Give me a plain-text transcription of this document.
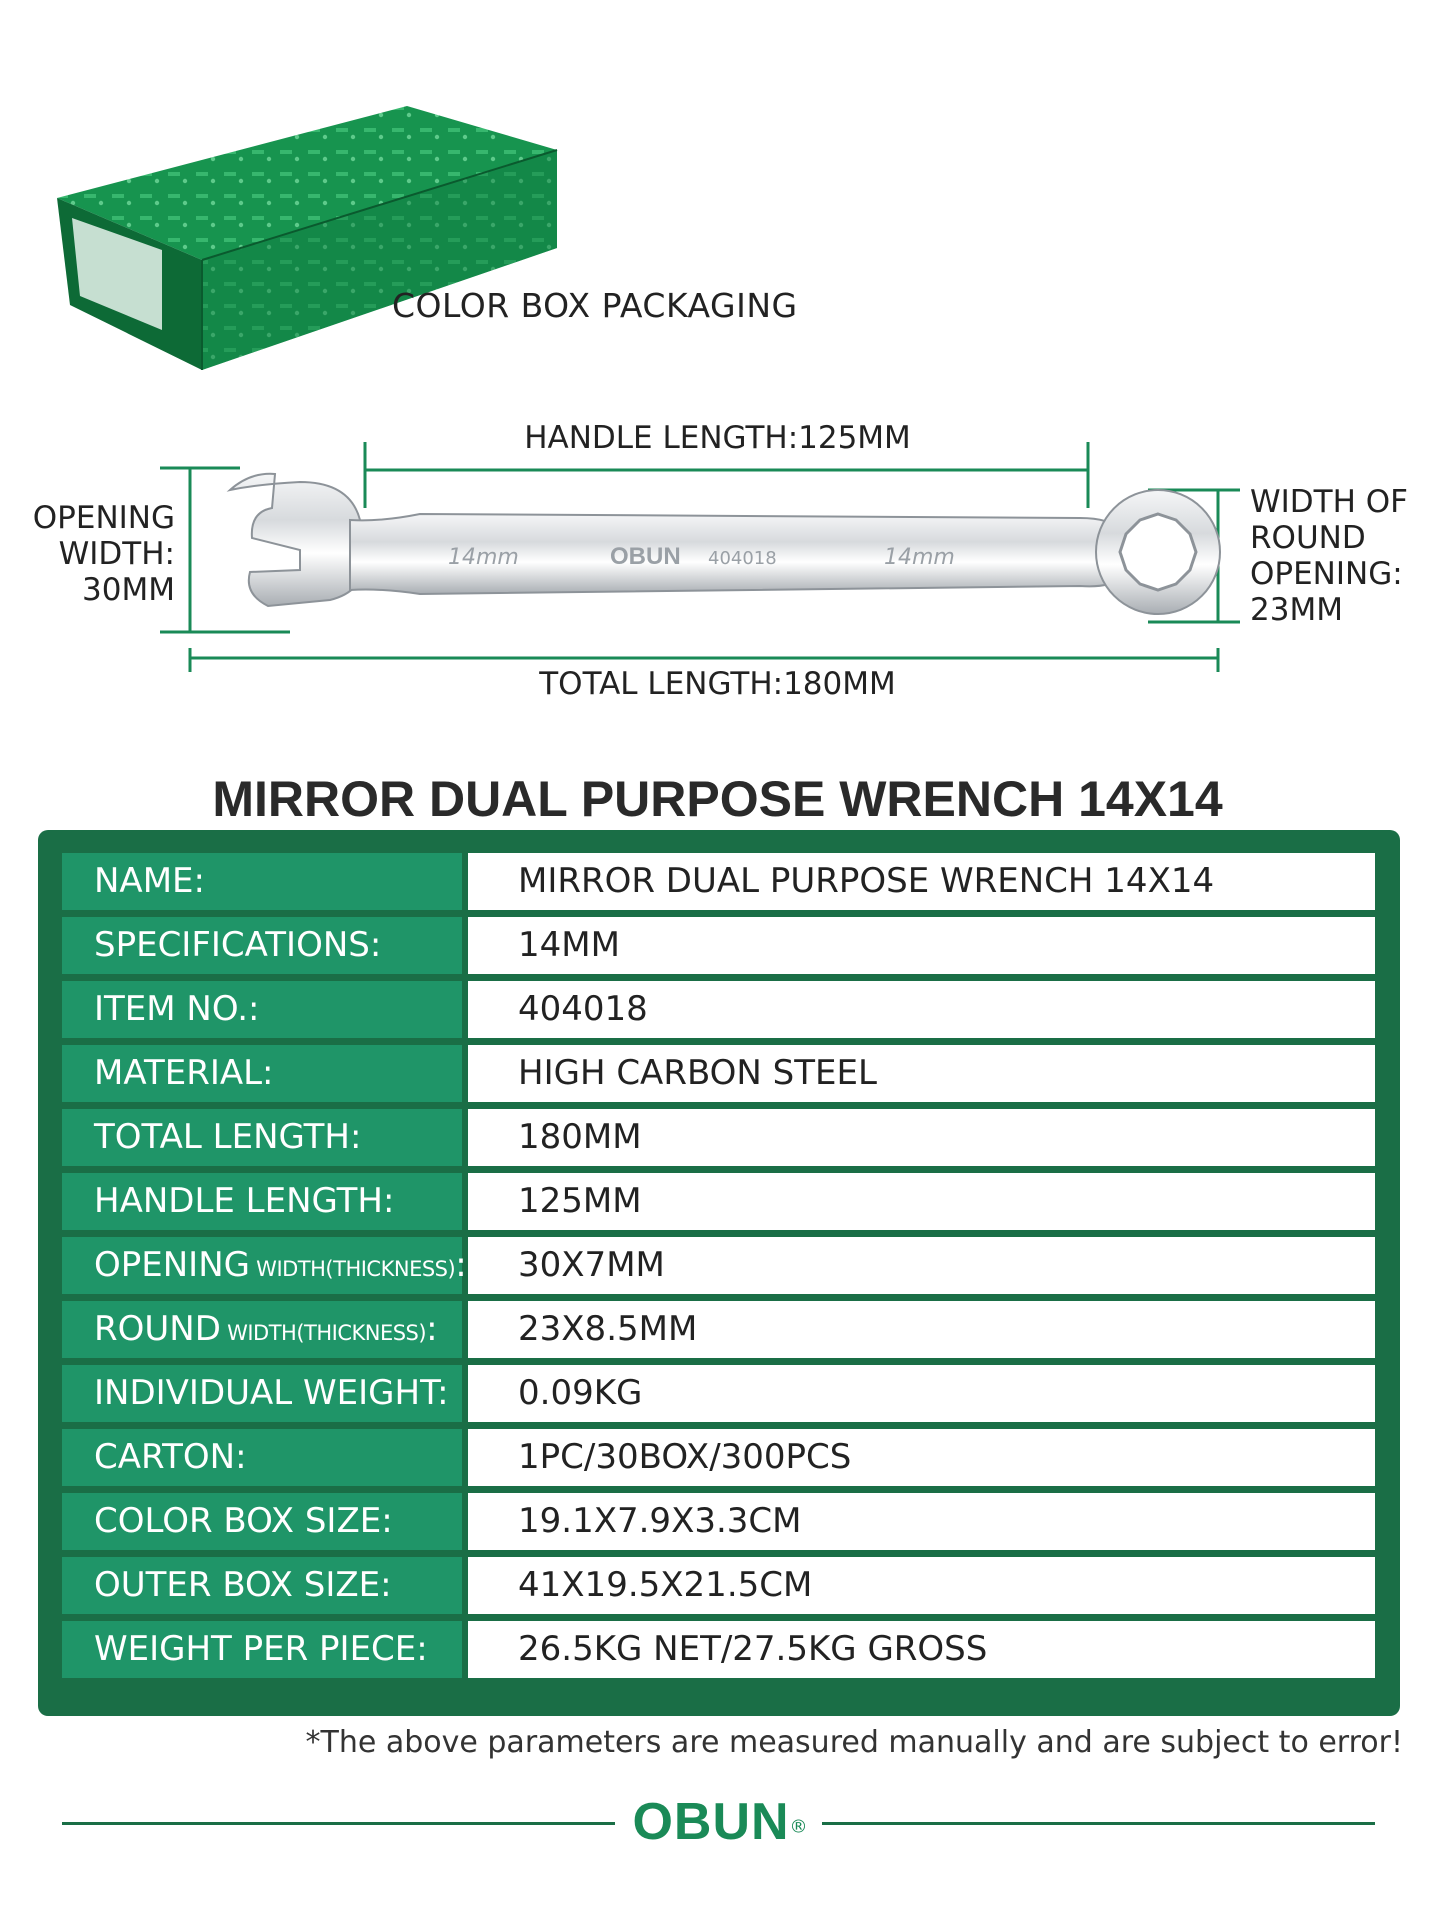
COLOR BOX PACKAGING
14mm	OBUN 404018	14mm
HANDLE LENGTH:125MM
TOTAL LENGTH:180MM
OPENING
WIDTH:
30MM
WIDTH OF
ROUND
OPENING:
23MM
MIRROR DUAL PURPOSE WRENCH 14X14
NAME:	MIRROR DUAL PURPOSE WRENCH 14X14
SPECIFICATIONS:	14MM
ITEM NO.:	404018
MATERIAL:	HIGH CARBON STEEL
TOTAL LENGTH:	180MM
HANDLE LENGTH:	125MM
OPENING WIDTH(THICKNESS):	30X7MM
ROUND WIDTH(THICKNESS):	23X8.5MM
INDIVIDUAL WEIGHT:	0.09KG
CARTON:	1PC/30BOX/300PCS
COLOR BOX SIZE:	19.1X7.9X3.3CM
OUTER BOX SIZE:	41X19.5X21.5CM
WEIGHT PER PIECE:	26.5KG NET/27.5KG GROSS
*The above parameters are measured manually and are subject to error!
OBUN®
